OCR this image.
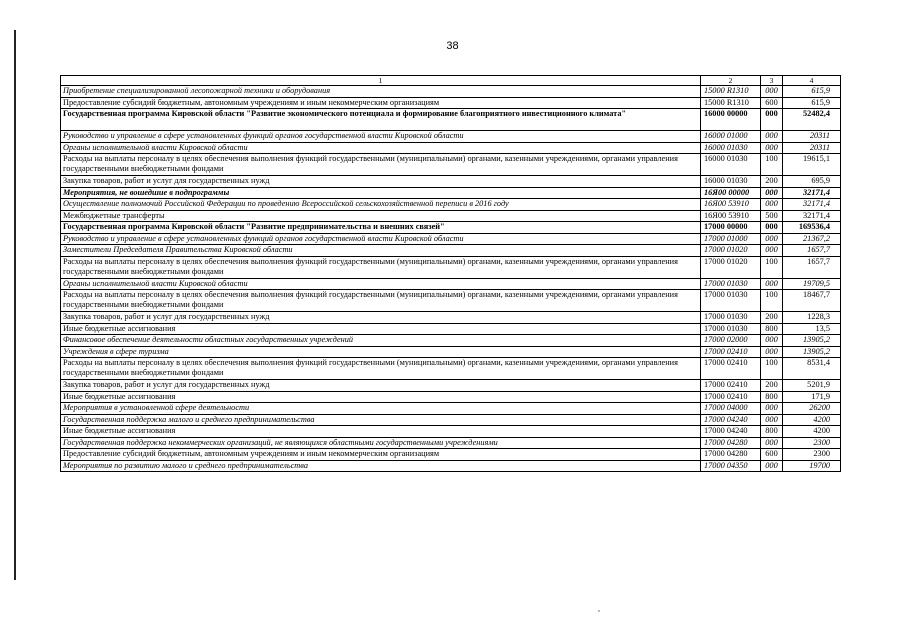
38
1	2	3	4
Приобретение специализированной лесопожарной техники и оборудования	15000 R1310	000	615,9
Предоставление субсидий бюджетным, автономным учреждениям и иным некоммерческим организациям	15000 R1310	600	615,9
Государственная программа Кировской области "Развитие экономического потенциала и формирование благоприятного инвестиционного климата"	16000 00000	000	52482,4
Руководство и управление в сфере установленных функций органов государственной власти Кировской области	16000 01000	000	20311
Органы исполнительной власти Кировской области	16000 01030	000	20311
Расходы на выплаты персоналу в целях обеспечения выполнения функций государственными (муниципальными) органами, казенными учреждениями, органами управления государственными внебюджетными фондами	16000 01030	100	19615,1
Закупка товаров, работ и услуг для государственных нужд	16000 01030	200	695,9
Мероприятия, не вошедшие в подпрограммы	16Я00 00000	000	32171,4
Осуществление полномочий Российской Федерации по проведению Всероссийской сельскохозяйственной переписи в 2016 году	16Я00 53910	000	32171,4
Межбюджетные трансферты	16Я00 53910	500	32171,4
Государственная программа Кировской области "Развитие предпринимательства и внешних связей"	17000 00000	000	169536,4
Руководство и управление в сфере установленных функций органов государственной власти Кировской области	17000 01000	000	21367,2
Заместители Председателя Правительства Кировской области	17000 01020	000	1657,7
Расходы на выплаты персоналу в целях обеспечения выполнения функций государственными (муниципальными) органами, казенными учреждениями, органами управления государственными внебюджетными фондами	17000 01020	100	1657,7
Органы исполнительной власти Кировской области	17000 01030	000	19709,5
Расходы на выплаты персоналу в целях обеспечения выполнения функций государственными (муниципальными) органами, казенными учреждениями, органами управления государственными внебюджетными фондами	17000 01030	100	18467,7
Закупка товаров, работ и услуг для государственных нужд	17000 01030	200	1228,3
Иные бюджетные ассигнования	17000 01030	800	13,5
Финансовое обеспечение деятельности областных государственных учреждений	17000 02000	000	13905,2
Учреждения в сфере туризма	17000 02410	000	13905,2
Расходы на выплаты персоналу в целях обеспечения выполнения функций государственными (муниципальными) органами, казенными учреждениями, органами управления государственными внебюджетными фондами	17000 02410	100	8531,4
Закупка товаров, работ и услуг для государственных нужд	17000 02410	200	5201,9
Иные бюджетные ассигнования	17000 02410	800	171,9
Мероприятия в установленной сфере деятельности	17000 04000	000	26200
Государственная поддержка малого и среднего предпринимательства	17000 04240	000	4200
Иные бюджетные ассигнования	17000 04240	800	4200
Государственная поддержка некоммерческих организаций, не являющихся областными государственными учреждениями	17000 04280	000	2300
Предоставление субсидий бюджетным, автономным учреждениям и иным некоммерческим организациям	17000 04280	600	2300
Мероприятия по развитию малого и среднего предпринимательства	17000 04350	000	19700
